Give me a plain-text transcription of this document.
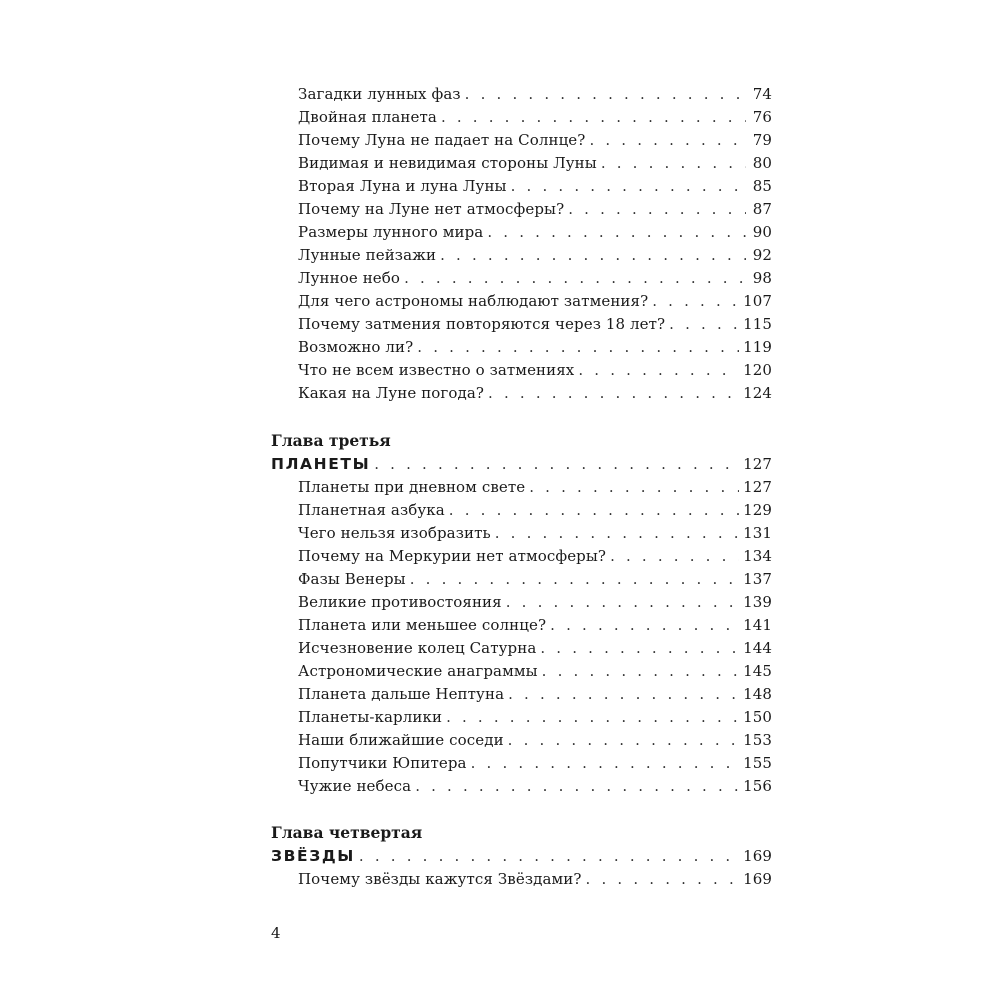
Загадки лунных фаз . . .	74
Двойная планета . . .	76
Почему Луна не падает на Солнце? . . .	79
Видимая и невидимая стороны Луны . . .	80
Вторая Луна и луна Луны . . .	85
Почему на Луне нет атмосферы? . . .	87
Размеры лунного мира . . .	90
Лунные пейзажи . . .	92
Лунное небо . . .	98
Для чего астрономы наблюдают затмения? . . .	107
Почему затмения повторяются через 18 лет? . . .	115
Возможно ли? . . .	119
Что не всем известно о затмениях . . .	120
Какая на Луне погода? . . .	124
Глава третья
ПЛАНЕТЫ . . .	127
Планеты при дневном свете . . .	127
Планетная азбука . . .	129
Чего нельзя изобразить . . .	131
Почему на Меркурии нет атмосферы? . . .	134
Фазы Венеры . . .	137
Великие противостояния . . .	139
Планета или меньшее солнце? . . .	141
Исчезновение колец Сатурна . . .	144
Астрономические анаграммы . . .	145
Планета дальше Нептуна . . .	148
Планеты-карлики . . .	150
Наши ближайшие соседи . . .	153
Попутчики Юпитера . . .	155
Чужие небеса . . .	156
Глава четвертая
ЗВЁЗДЫ . . .	169
Почему звёзды кажутся Звёздами? . . .	169
4
